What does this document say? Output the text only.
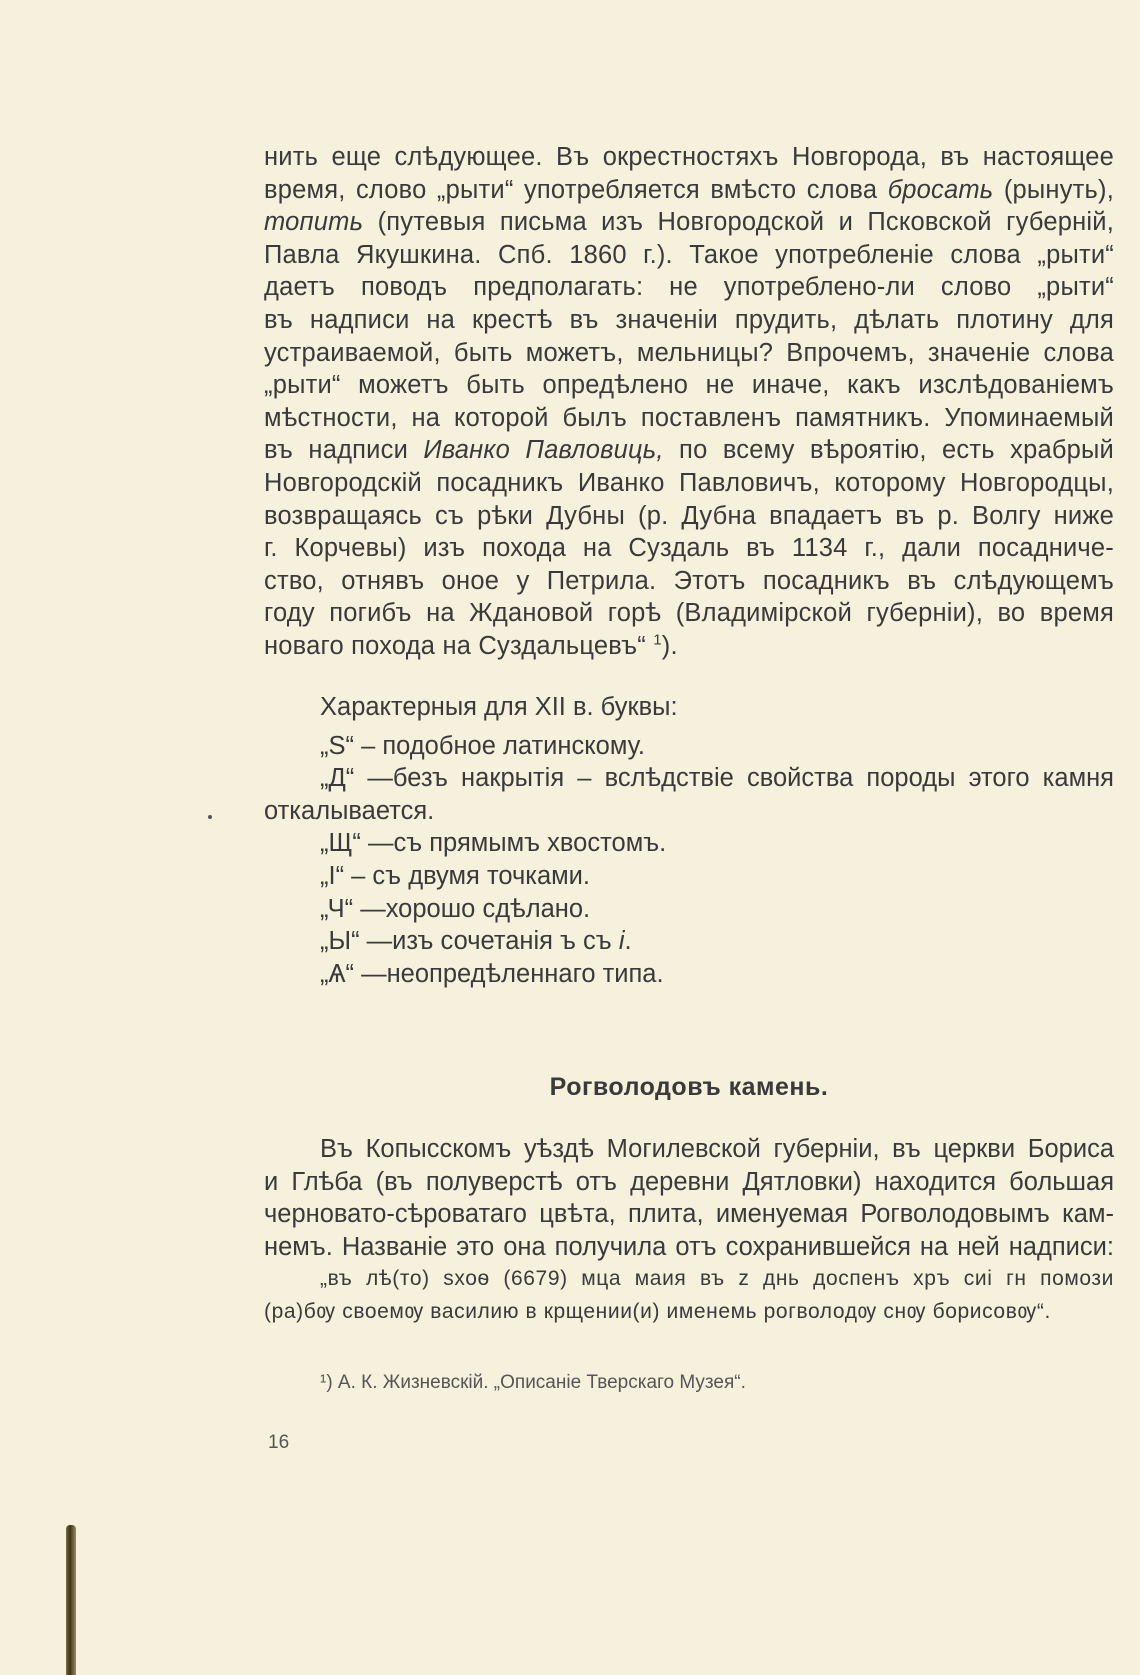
нить еще слѣдующее. Въ окрестностяхъ Новгорода, въ настоящее
время, слово „рыти“ употребляется вмѣсто слова бросать (рынуть),
топить (путевыя письма изъ Новгородской и Псковской губерній,
Павла Якушкина. Спб. 1860 г.). Такое употребленіе слова „рыти“
даетъ поводъ предполагать: не употреблено-ли слово „рыти“
въ надписи на крестѣ въ значеніи прудить, дѣлать плотину для
устраиваемой, быть можетъ, мельницы? Впрочемъ, значеніе слова
„рыти“ можетъ быть опредѣлено не иначе, какъ изслѣдованіемъ
мѣстности, на которой былъ поставленъ памятникъ. Упоминаемый
въ надписи Иванко Павловиць, по всему вѣроятію, есть храбрый
Новгородскій посадникъ Иванко Павловичъ, которому Новгородцы,
возвращаясь съ рѣки Дубны (р. Дубна впадаетъ въ р. Волгу ниже
г. Корчевы) изъ похода на Суздаль въ 1134 г., дали посадниче-
ство, отнявъ оное у Петрила. Этотъ посадникъ въ слѣдующемъ
году погибъ на Ждановой горѣ (Владимірской губерніи), во время
новаго похода на Суздальцевъ“ $^1$).
Характерныя для XII в. буквы:
„Ѕ“ – подобное латинскому.
„Д“ —безъ накрытія – вслѣдствіе свойства породы этого камня
откалывается.
„Щ“ —съ прямымъ хвостомъ.
„І“ – съ двумя точками.
„Ч“ —хорошо сдѣлано.
„Ы“ —изъ сочетанія ъ съ і.
„Ѧ“ —неопредѣленнаго типа.
Рогволодовъ камень.
Въ Копысскомъ уѣздѣ Могилевской губерніи, въ церкви Бориса
и Глѣба (въ полуверстѣ отъ деревни Дятловки) находится большая
черновато-сѣроватаго цвѣта, плита, именуемая Рогволодовымъ кам-
немъ. Названіе это она получила отъ сохранившейся на ней надписи:
„въ лѣ(то) ѕхоѳ (6679) мца маия въ z днь доспенъ хръ сиі гн помози
(ра)бѹ своемѹ василию в крщении(и) именемь рогволодѹ снѹ борисовѹ“.
¹) А. К. Жизневскій. „Описаніе Тверскаго Музея“.
16
